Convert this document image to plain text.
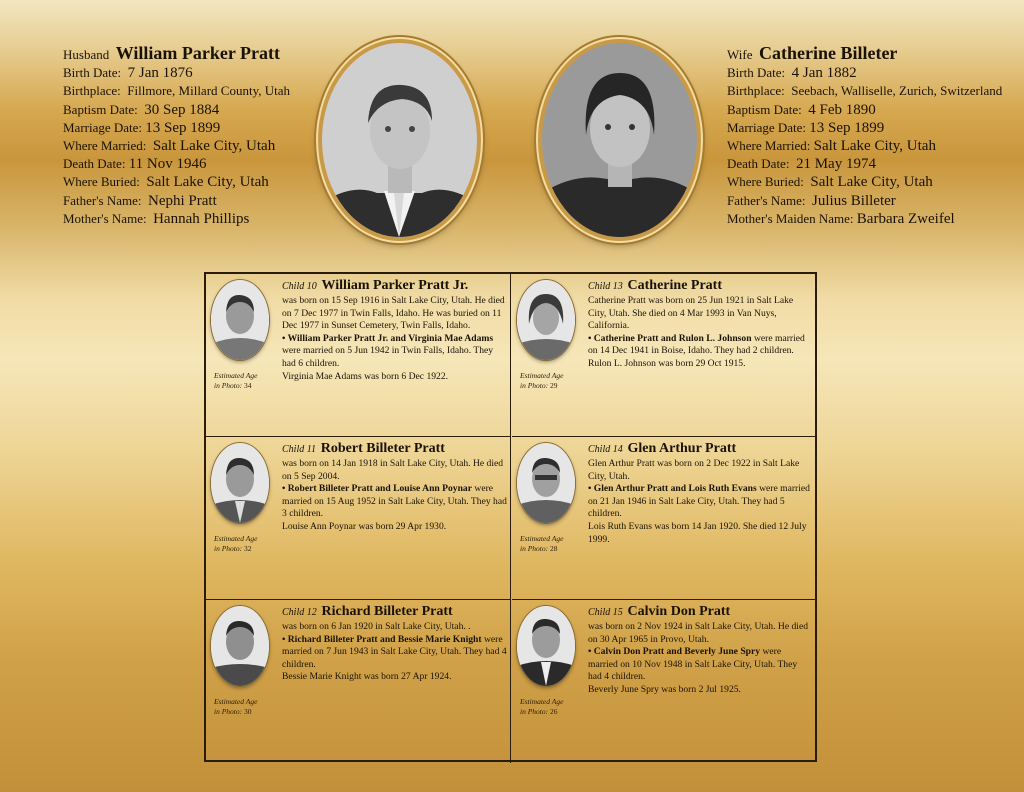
Husband William Parker Pratt
Birth Date: 7 Jan 1876
Birthplace: Fillmore, Millard County, Utah
Baptism Date: 30 Sep 1884
Marriage Date: 13 Sep 1899
Where Married: Salt Lake City, Utah
Death Date: 11 Nov 1946
Where Buried: Salt Lake City, Utah
Father's Name: Nephi Pratt
Mother's Name: Hannah Phillips
Wife Catherine Billeter
Birth Date: 4 Jan 1882
Birthplace: Seebach, Walliselle, Zurich, Switzerland
Baptism Date: 4 Feb 1890
Marriage Date: 13 Sep 1899
Where Married: Salt Lake City, Utah
Death Date: 21 May 1974
Where Buried: Salt Lake City, Utah
Father's Name: Julius Billeter
Mother's Maiden Name: Barbara Zweifel
Estimated Age
in Photo: 34
Child 10 William Parker Pratt Jr.

was born on 15 Sep 1916 in Salt Lake City, Utah. He died on 7 Dec 1977 in Twin Falls, Idaho. He was buried on 11 Dec 1977 in Sunset Cemetery, Twin Falls, Idaho.
• William Parker Pratt Jr. and Virginia Mae Adams were married on 5 Jun 1942 in Twin Falls, Idaho. They had 6 children.
Virginia Mae Adams was born 6 Dec 1922.	Estimated Age
in Photo: 29
Child 13 Catherine Pratt

Catherine Pratt was born on 25 Jun 1921 in Salt Lake City, Utah. She died on 4 Mar 1993 in Van Nuys, California.
• Catherine Pratt and Rulon L. Johnson were married on 14 Dec 1941 in Boise, Idaho. They had 2 children.
Rulon L. Johnson was born 29 Oct 1915.

Estimated Age
in Photo: 32
Child 11 Robert Billeter Pratt

was born on 14 Jan 1918 in Salt Lake City, Utah. He died on 5 Sep 2004.
• Robert Billeter Pratt and Louise Ann Poynar were married on 15 Aug 1952 in Salt Lake City, Utah. They had 3 children.
Louise Ann Poynar was born 29 Apr 1930.

Estimated Age
in Photo: 28
Child 14 Glen Arthur Pratt

Glen Arthur Pratt was born on 2 Dec 1922 in Salt Lake City, Utah.
• Glen Arthur Pratt and Lois Ruth Evans were married on 21 Jan 1946 in Salt Lake City, Utah. They had 5 children.
Lois Ruth Evans was born 14 Jan 1920. She died 12 July 1999.

Estimated Age
in Photo: 30
Child 12 Richard Billeter Pratt

was born on 6 Jan 1920 in Salt Lake City, Utah. .
• Richard Billeter Pratt and Bessie Marie Knight were married on 7 Jun 1943 in Salt Lake City, Utah. They had 4 children.
Bessie Marie Knight was born 27 Apr 1924.

Estimated Age
in Photo: 26
Child 15 Calvin Don Pratt

was born on 2 Nov 1924 in Salt Lake City, Utah. He died on 30 Apr 1965 in Provo, Utah.
• Calvin Don Pratt and Beverly June Spry were married on 10 Nov 1948 in Salt Lake City, Utah. They had 4 children.
Beverly June Spry was born 2 Jul 1925.
